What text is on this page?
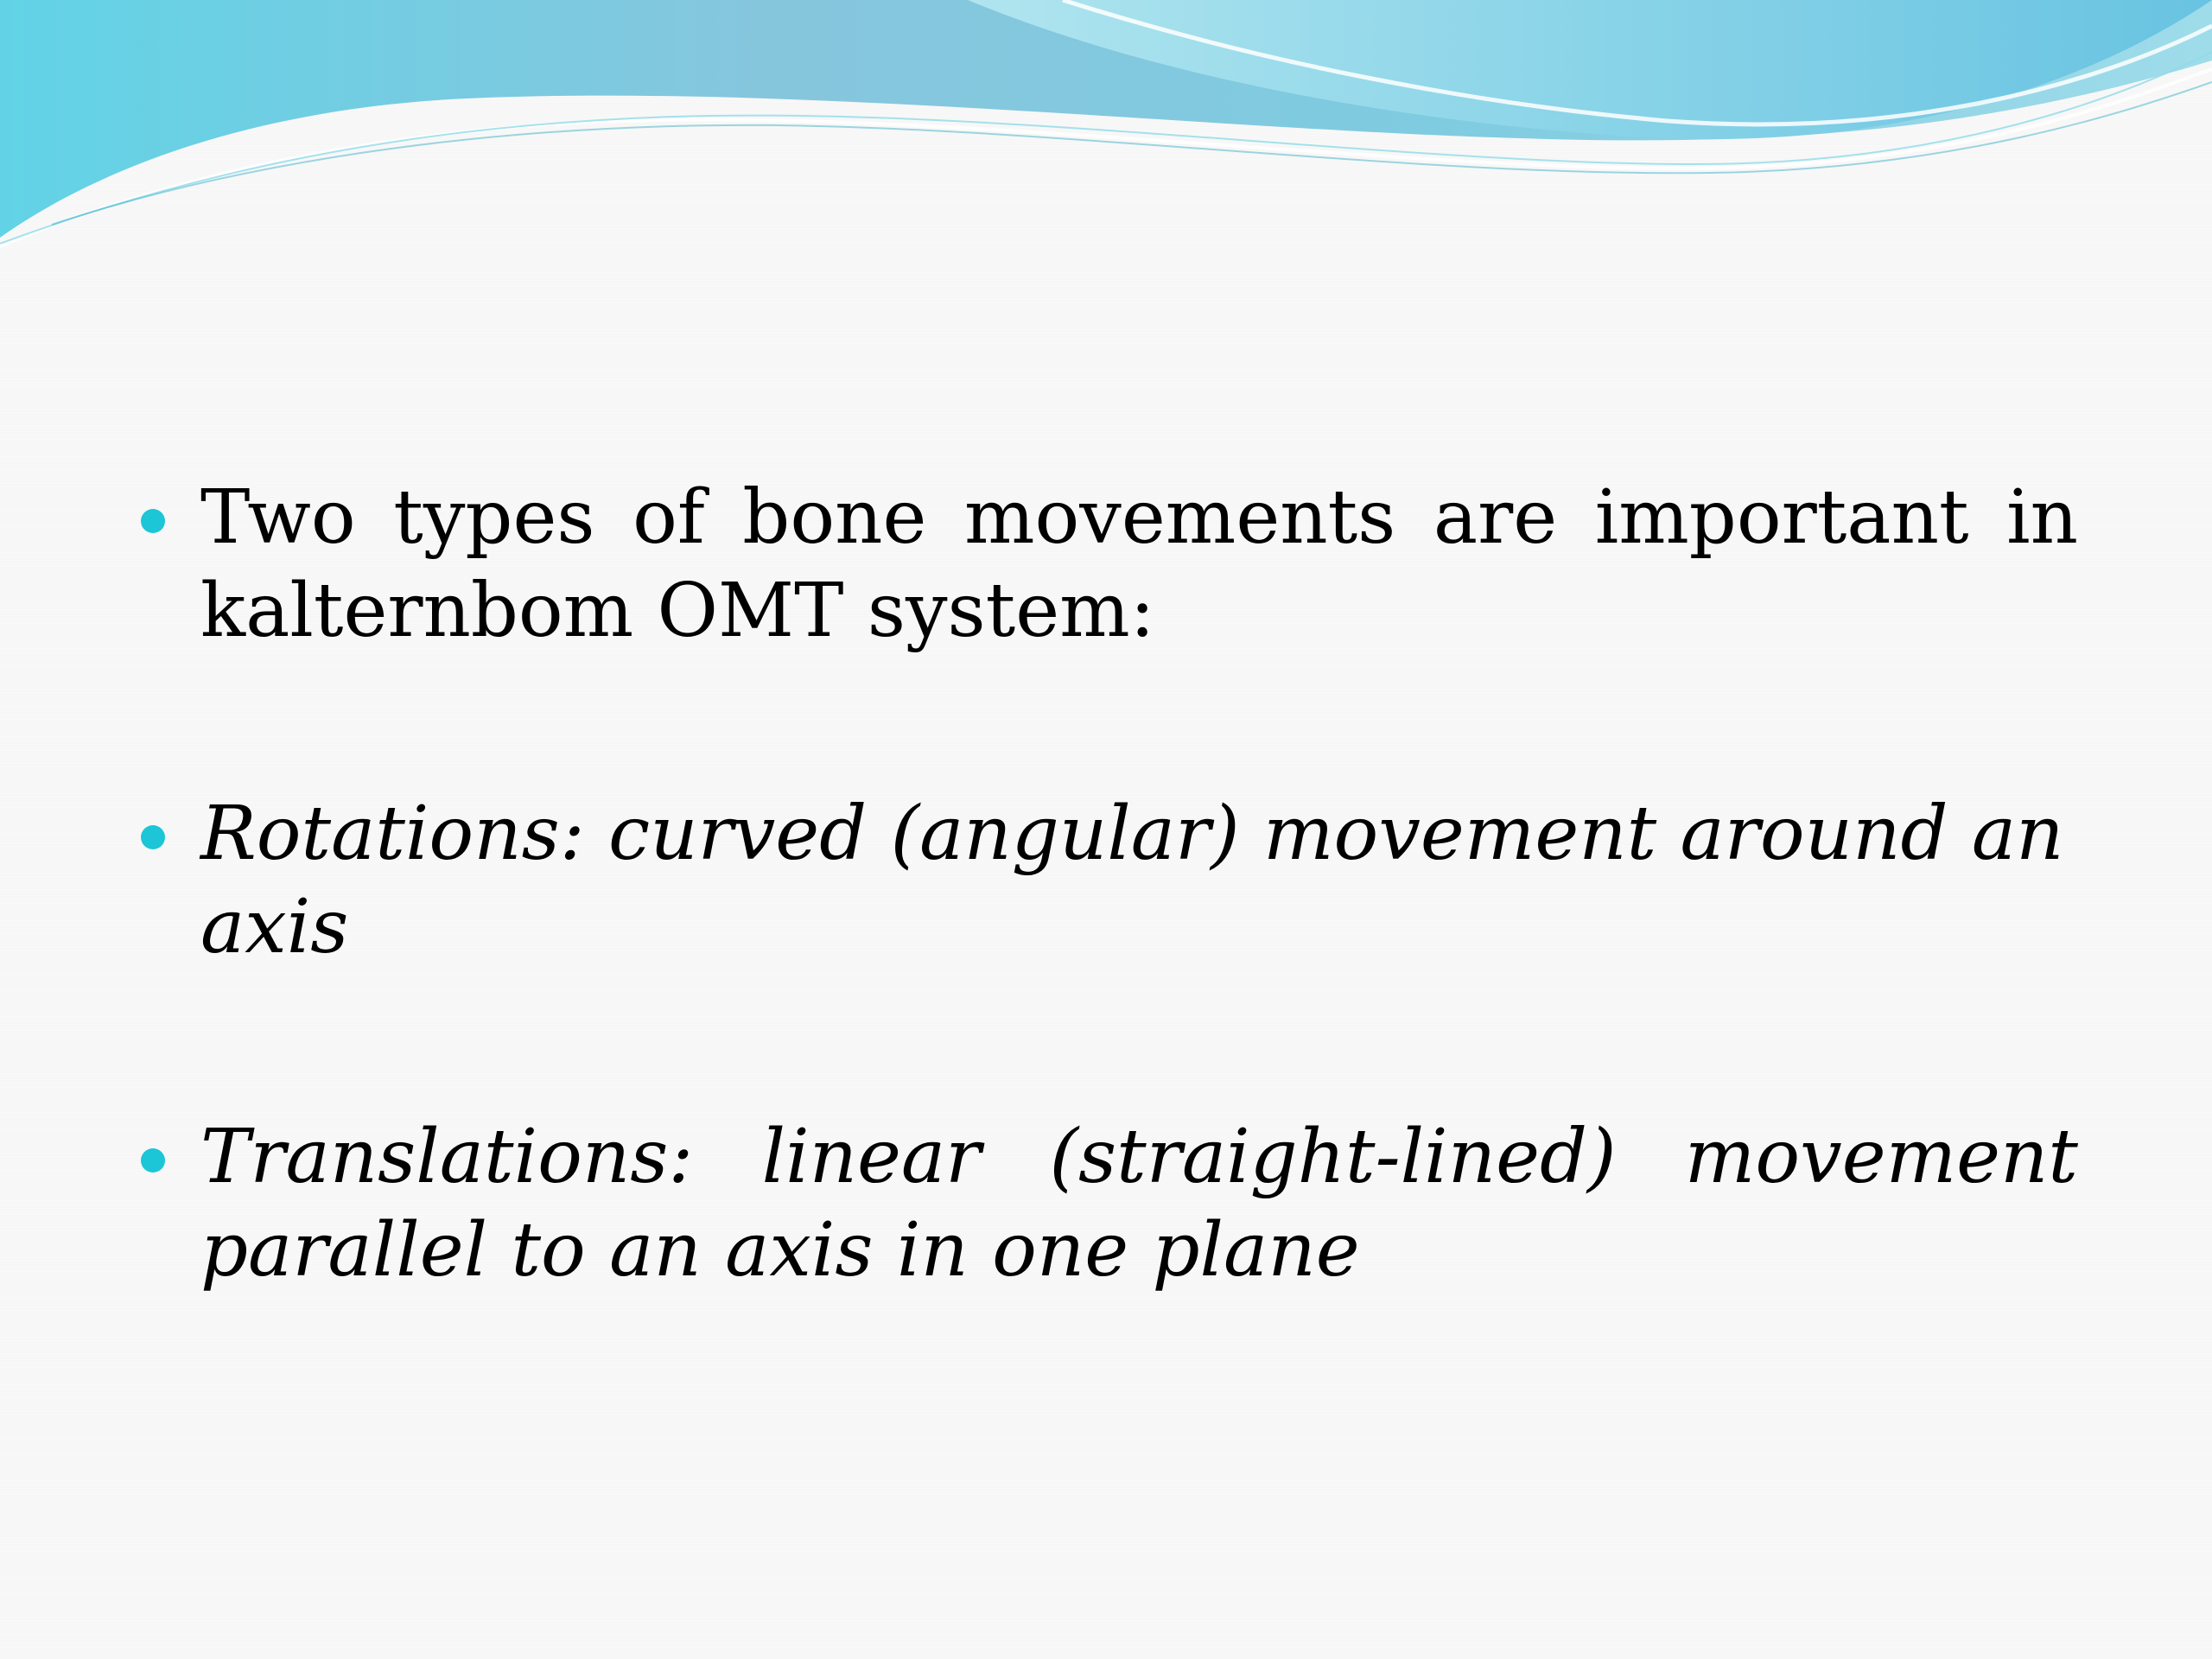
Two types of bone movements are important in kalternbom OMT system:
Rotations: curved (angular) movement around an axis
Translations: linear (straight-lined) movement parallel to an axis in one plane
